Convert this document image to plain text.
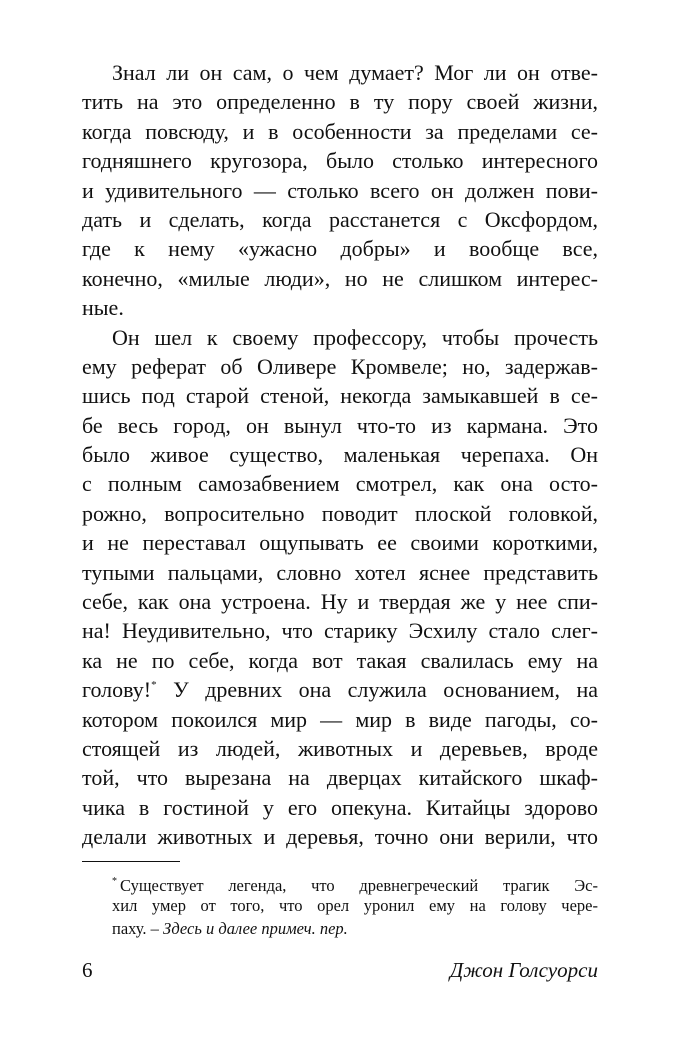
Знал ли он сам, о чем думает? Мог ли он отве-
тить на это определенно в ту пору своей жизни,
когда повсюду, и в особенности за пределами се-
годняшнего кругозора, было столько интересного
и удивительного — столько всего он должен пови-
дать и сделать, когда расстанется с Оксфордом,
где к нему «ужасно добры» и вообще все,
конечно, «милые люди», но не слишком интерес-
ные.
Он шел к своему профессору, чтобы прочесть
ему реферат об Оливере Кромвеле; но, задержав-
шись под старой стеной, некогда замыкавшей в се-
бе весь город, он вынул что-то из кармана. Это
было живое существо, маленькая черепаха. Он
с полным самозабвением смотрел, как она осто-
рожно, вопросительно поводит плоской головкой,
и не переставал ощупывать ее своими короткими,
тупыми пальцами, словно хотел яснее представить
себе, как она устроена. Ну и твердая же у нее спи-
на! Неудивительно, что старику Эсхилу стало слег-
ка не по себе, когда вот такая свалилась ему на
голову!* У древних она служила основанием, на
котором покоился мир — мир в виде пагоды, со-
стоящей из людей, животных и деревьев, вроде
той, что вырезана на дверцах китайского шкаф-
чика в гостиной у его опекуна. Китайцы здорово
делали животных и деревья, точно они верили, что
* Существует легенда, что древнегреческий трагик Эс-
хил умер от того, что орел уронил ему на голову чере-
паху. – Здесь и далее примеч. пер.
6	Джон Голсуорси
